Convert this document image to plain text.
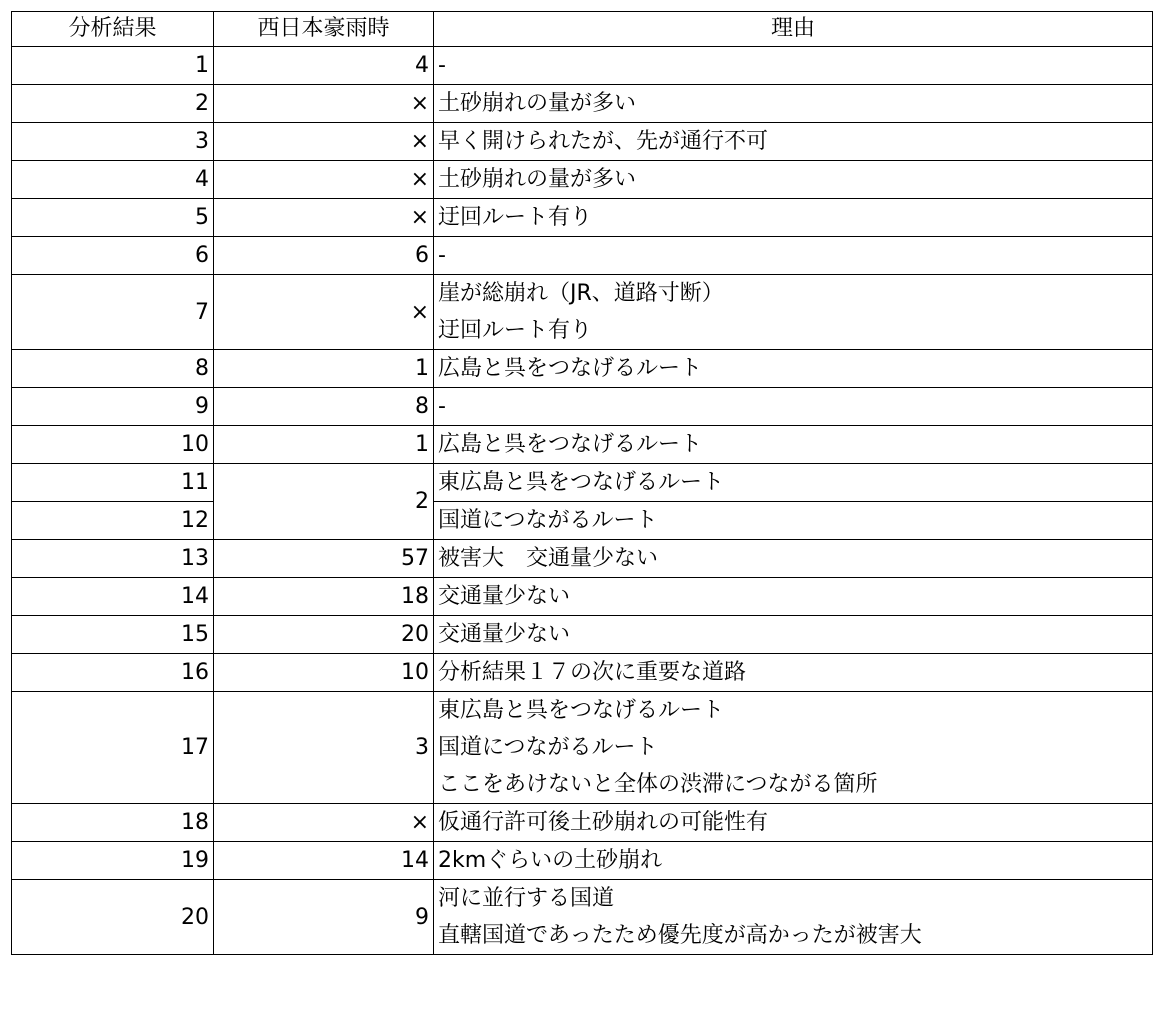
分析結果	西日本豪雨時	理由
1	4	-
2	×	土砂崩れの量が多い
3	×	早く開けられたが、先が通行不可
4	×	土砂崩れの量が多い
5	×	迂回ルート有り
6	6	-
7	×	崖が総崩れ（JR、道路寸断）
迂回ルート有り

8	1	広島と呉をつなげるルート
9	8	-
10	1	広島と呉をつなげるルート
11	2	東広島と呉をつなげるルート
12		国道につながるルート
13	57	被害大　交通量少ない
14	18	交通量少ない
15	20	交通量少ない
16	10	分析結果１７の次に重要な道路
17	3	東広島と呉をつなげるルート
国道につながるルート
ここをあけないと全体の渋滞につながる箇所

18	×	仮通行許可後土砂崩れの可能性有
19	14	2kmぐらいの土砂崩れ
20	9	河に並行する国道
直轄国道であったため優先度が高かったが被害大
